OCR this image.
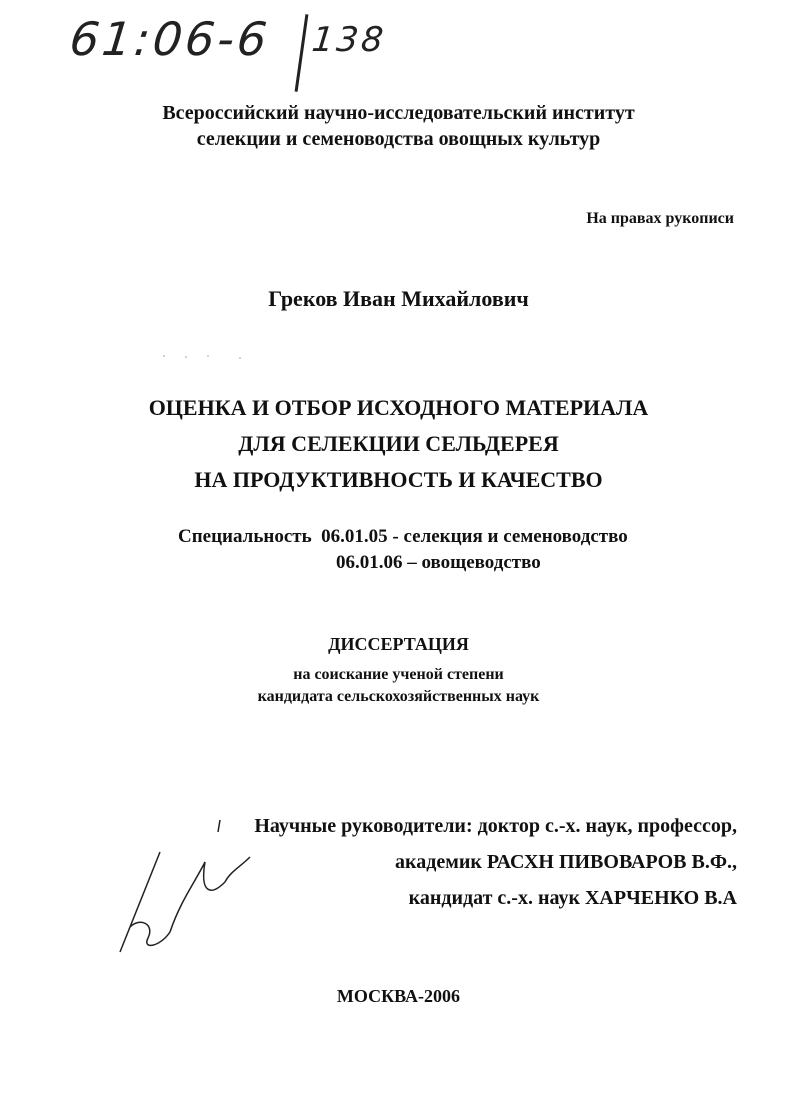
61:06-6 138
Всероссийский научно-исследовательский институт
селекции и семеноводства овощных культур
На правах рукописи
Греков Иван Михайлович
ОЦЕНКА И ОТБОР ИСХОДНОГО МАТЕРИАЛА
ДЛЯ СЕЛЕКЦИИ СЕЛЬДЕРЕЯ
НА ПРОДУКТИВНОСТЬ И КАЧЕСТВО
Специальность 06.01.05 - селекция и семеноводство
06.01.06 – овощеводство
ДИССЕРТАЦИЯ
на соискание ученой степени
кандидата сельскохозяйственных наук
Научные руководители: доктор с.-х. наук, профессор,
академик РАСХН ПИВОВАРОВ В.Ф.,
кандидат с.-х. наук ХАРЧЕНКО В.А
МОСКВА-2006
